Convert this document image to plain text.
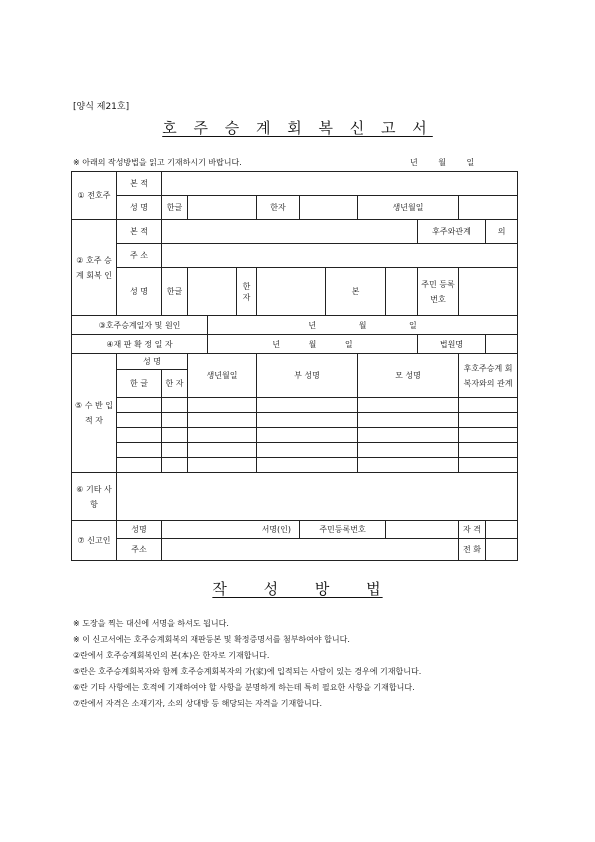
[양식 제21호]
호 주 승 계 회 복 신 고 서
※ 아래의 작성방법을 읽고 기재하시기 바랍니다.	년 월 일
① 전호주	본 적												
	성 명	한글				한자			생년월일				
② 호주 승계 회복 인	본 적										후주와관계		의
	주 소												
	성 명	한글			한자			본			주민 등록 번호		
③호주승계일자 및 원인				년 월 일									
④재 판 확 정 일 자				년 월 일							법원명		
⑤ 수 반 입 적 자	성 명		생년월일			부 성명			모 성명			후호주승계 회복자와의 관계	
	한 글	한 자											

⑥ 기타 사항													
⑦ 신고인	성명	서명(인)					주민등록번호					자 격	
	주소											전 화	
작 성 방 법
※ 도장을 찍는 대신에 서명을 하셔도 됩니다.
※ 이 신고서에는 호주승계회복의 재판등본 및 확정증명서를 첨부하여야 합니다.
②란에서 호주승계회복인의 본(本)은 한자로 기재합니다.
⑤란은 호주승계회복자와 함께 호주승계회복자의 가(家)에 입적되는 사람이 있는 경우에 기재합니다.
⑥란 기타 사항에는 호적에 기재하여야 할 사항을 분명하게 하는데 특히 필요한 사항을 기재합니다.
⑦란에서 자격은 소재기자, 소의 상대방 등 해당되는 자격을 기재합니다.
